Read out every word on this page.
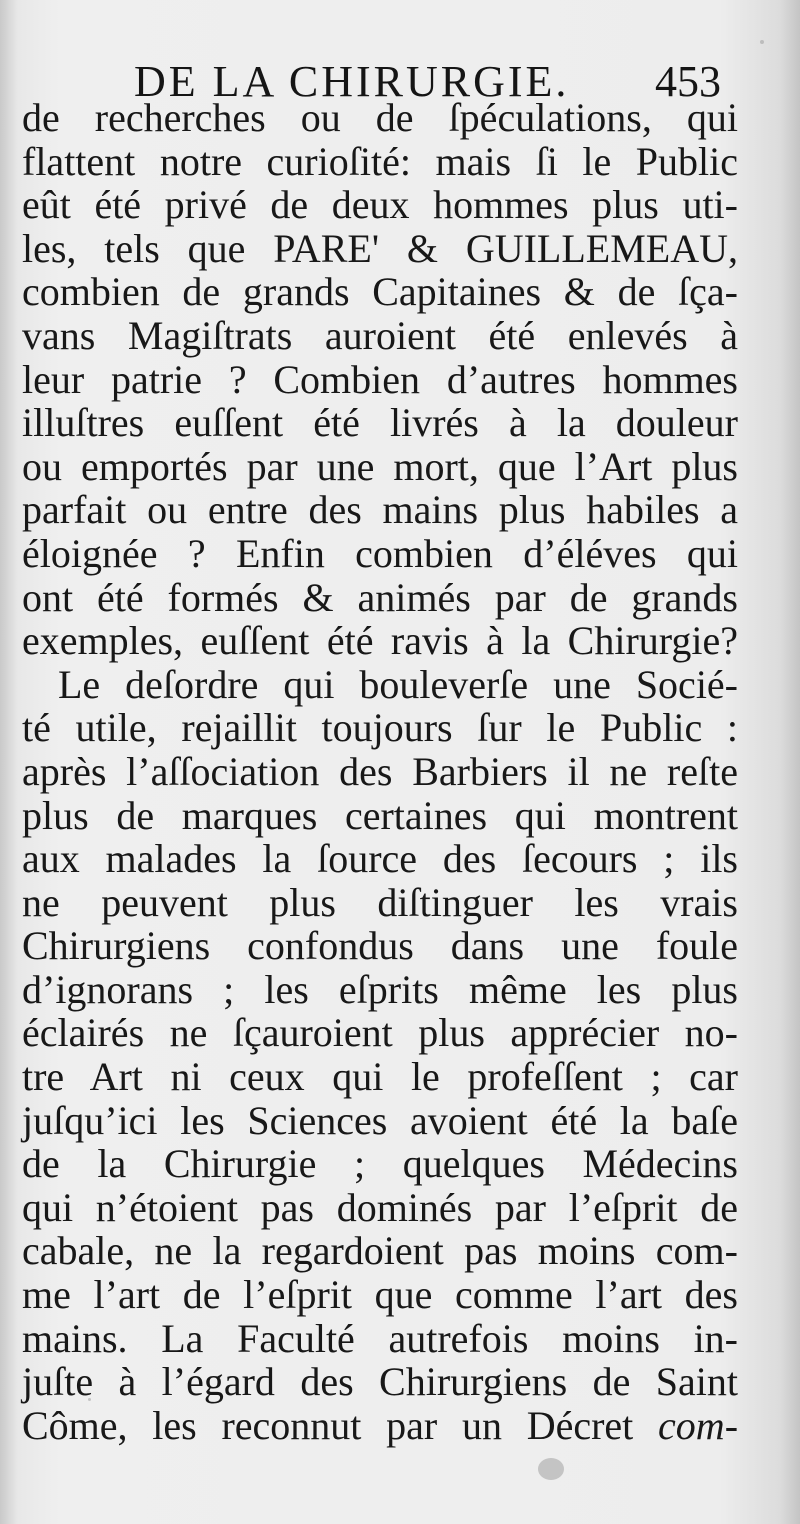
DE LA CHIRURGIE. 453
de recherches ou de ſpéculations, qui
flattent notre curioſité: mais ſi le Public
eût été privé de deux hommes plus uti-
les, tels que PARE' & GUILLEMEAU,
combien de grands Capitaines & de ſça-
vans Magiſtrats auroient été enlevés à
leur patrie ? Combien d’autres hommes
illuſtres euſſent été livrés à la douleur
ou emportés par une mort, que l’Art plus
parfait ou entre des mains plus habiles a
éloignée ? Enfin combien d’éléves qui
ont été formés & animés par de grands
exemples, euſſent été ravis à la Chirurgie?
Le deſordre qui bouleverſe une Socié-
té utile, rejaillit toujours ſur le Public :
après l’aſſociation des Barbiers il ne reſte
plus de marques certaines qui montrent
aux malades la ſource des ſecours ; ils
ne peuvent plus diſtinguer les vrais
Chirurgiens confondus dans une foule
d’ignorans ; les eſprits même les plus
éclairés ne ſçauroient plus apprécier no-
tre Art ni ceux qui le profeſſent ; car
juſqu’ici les Sciences avoient été la baſe
de la Chirurgie ; quelques Médecins
qui n’étoient pas dominés par l’eſprit de
cabale, ne la regardoient pas moins com-
me l’art de l’eſprit que comme l’art des
mains. La Faculté autrefois moins in-
juſte à l’égard des Chirurgiens de Saint
Côme, les reconnut par un Décret com-
